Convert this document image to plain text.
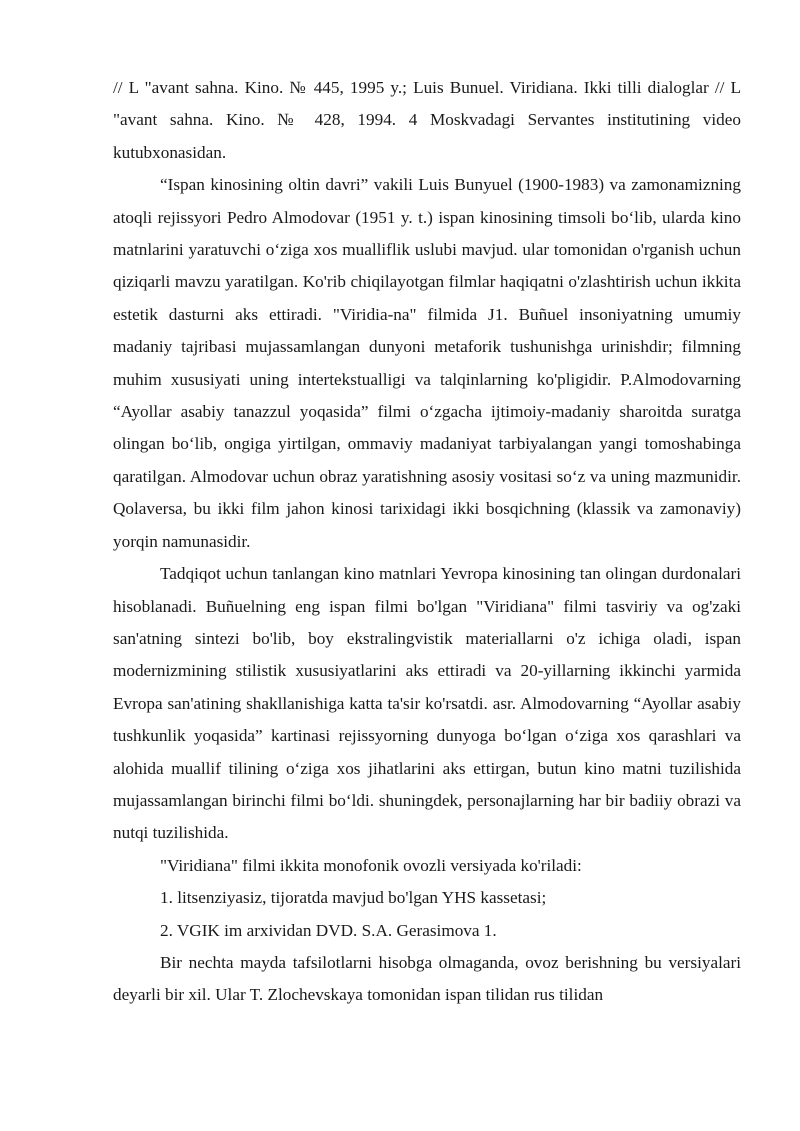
// L "avant sahna. Kino. № 445, 1995 y.; Luis Bunuel. Viridiana. Ikki tilli dialoglar // L "avant sahna. Kino. № 428, 1994. 4 Moskvadagi Servantes institutining video kutubxonasidan.

“Ispan kinosining oltin davri” vakili Luis Bunyuel (1900-1983) va zamonamizning atoqli rejissyori Pedro Almodovar (1951 y. t.) ispan kinosining timsoli bo‘lib, ularda kino matnlarini yaratuvchi o‘ziga xos mualliflik uslubi mavjud. ular tomonidan o'rganish uchun qiziqarli mavzu yaratilgan. Ko'rib chiqilayotgan filmlar haqiqatni o'zlashtirish uchun ikkita estetik dasturni aks ettiradi. "Viridia-na" filmida J1. Buñuel insoniyatning umumiy madaniy tajribasi mujassamlangan dunyoni metaforik tushunishga urinishdir; filmning muhim xususiyati uning intertekstualligi va talqinlarning ko'pligidir. P.Almodovarning “Ayollar asabiy tanazzul yoqasida” filmi o‘zgacha ijtimoiy-madaniy sharoitda suratga olingan bo‘lib, ongiga yirtilgan, ommaviy madaniyat tarbiyalangan yangi tomoshabinga qaratilgan. Almodovar uchun obraz yaratishning asosiy vositasi so‘z va uning mazmunidir. Qolaversa, bu ikki film jahon kinosi tarixidagi ikki bosqichning (klassik va zamonaviy) yorqin namunasidir.

Tadqiqot uchun tanlangan kino matnlari Yevropa kinosining tan olingan durdonalari hisoblanadi. Buñuelning eng ispan filmi bo'lgan "Viridiana" filmi tasviriy va og'zaki san'atning sintezi bo'lib, boy ekstralingvistik materiallarni o'z ichiga oladi, ispan modernizmining stilistik xususiyatlarini aks ettiradi va 20-yillarning ikkinchi yarmida Evropa san'atining shakllanishiga katta ta'sir ko'rsatdi. asr. Almodovarning “Ayollar asabiy tushkunlik yoqasida” kartinasi rejissyorning dunyoga bo‘lgan o‘ziga xos qarashlari va alohida muallif tilining o‘ziga xos jihatlarini aks ettirgan, butun kino matni tuzilishida mujassamlangan birinchi filmi bo‘ldi. shuningdek, personajlarning har bir badiiy obrazi va nutqi tuzilishida.

"Viridiana" filmi ikkita monofonik ovozli versiyada ko'riladi:

1. litsenziyasiz, tijoratda mavjud bo'lgan YHS kassetasi;

2. VGIK im arxividan DVD. S.A. Gerasimova 1.

Bir nechta mayda tafsilotlarni hisobga olmaganda, ovoz berishning bu versiyalari deyarli bir xil. Ular T. Zlochevskaya tomonidan ispan tilidan rus tilidan
